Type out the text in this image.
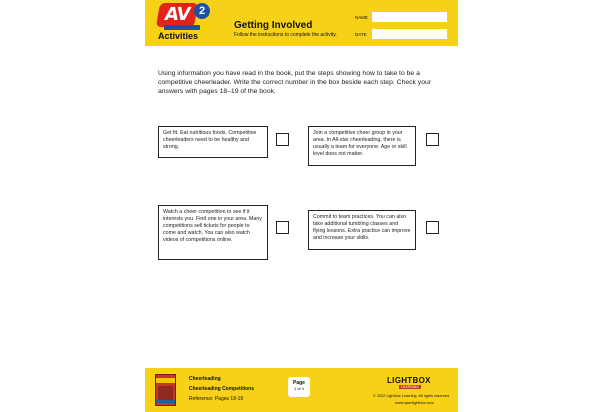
AV 2
Activities
Getting Involved
Follow the instructions to complete the activity.
NAME
DATE
Using information you have read in the book, put the steps showing how to take to be a competitive cheerleader. Write the correct number in the box beside each step. Check your answers with pages 18–19 of the book.
Get fit. Eat nutritious foods. Competitive cheerleaders need to be healthy and strong.
Join a competitive cheer group in your area. In All-star cheerleading, there is usually a team for everyone. Age or skill level does not matter.
Watch a cheer competition to see if it interests you. Find one in your area. Many competitions sell tickets for people to come and watch. You can also watch videos of competitions online.
Commit to team practices. You can also take additional tumbling classes and flying lessons. Extra practice can improve and increase your skills.
Cheerleading
Cheerleading Competitions
Reference: Pages 18-19
Page
1 of 4
LIGHTBOX
LEARNING
© 2022 Lightbox Learning. All rights reserved.
www.openlightbox.com
